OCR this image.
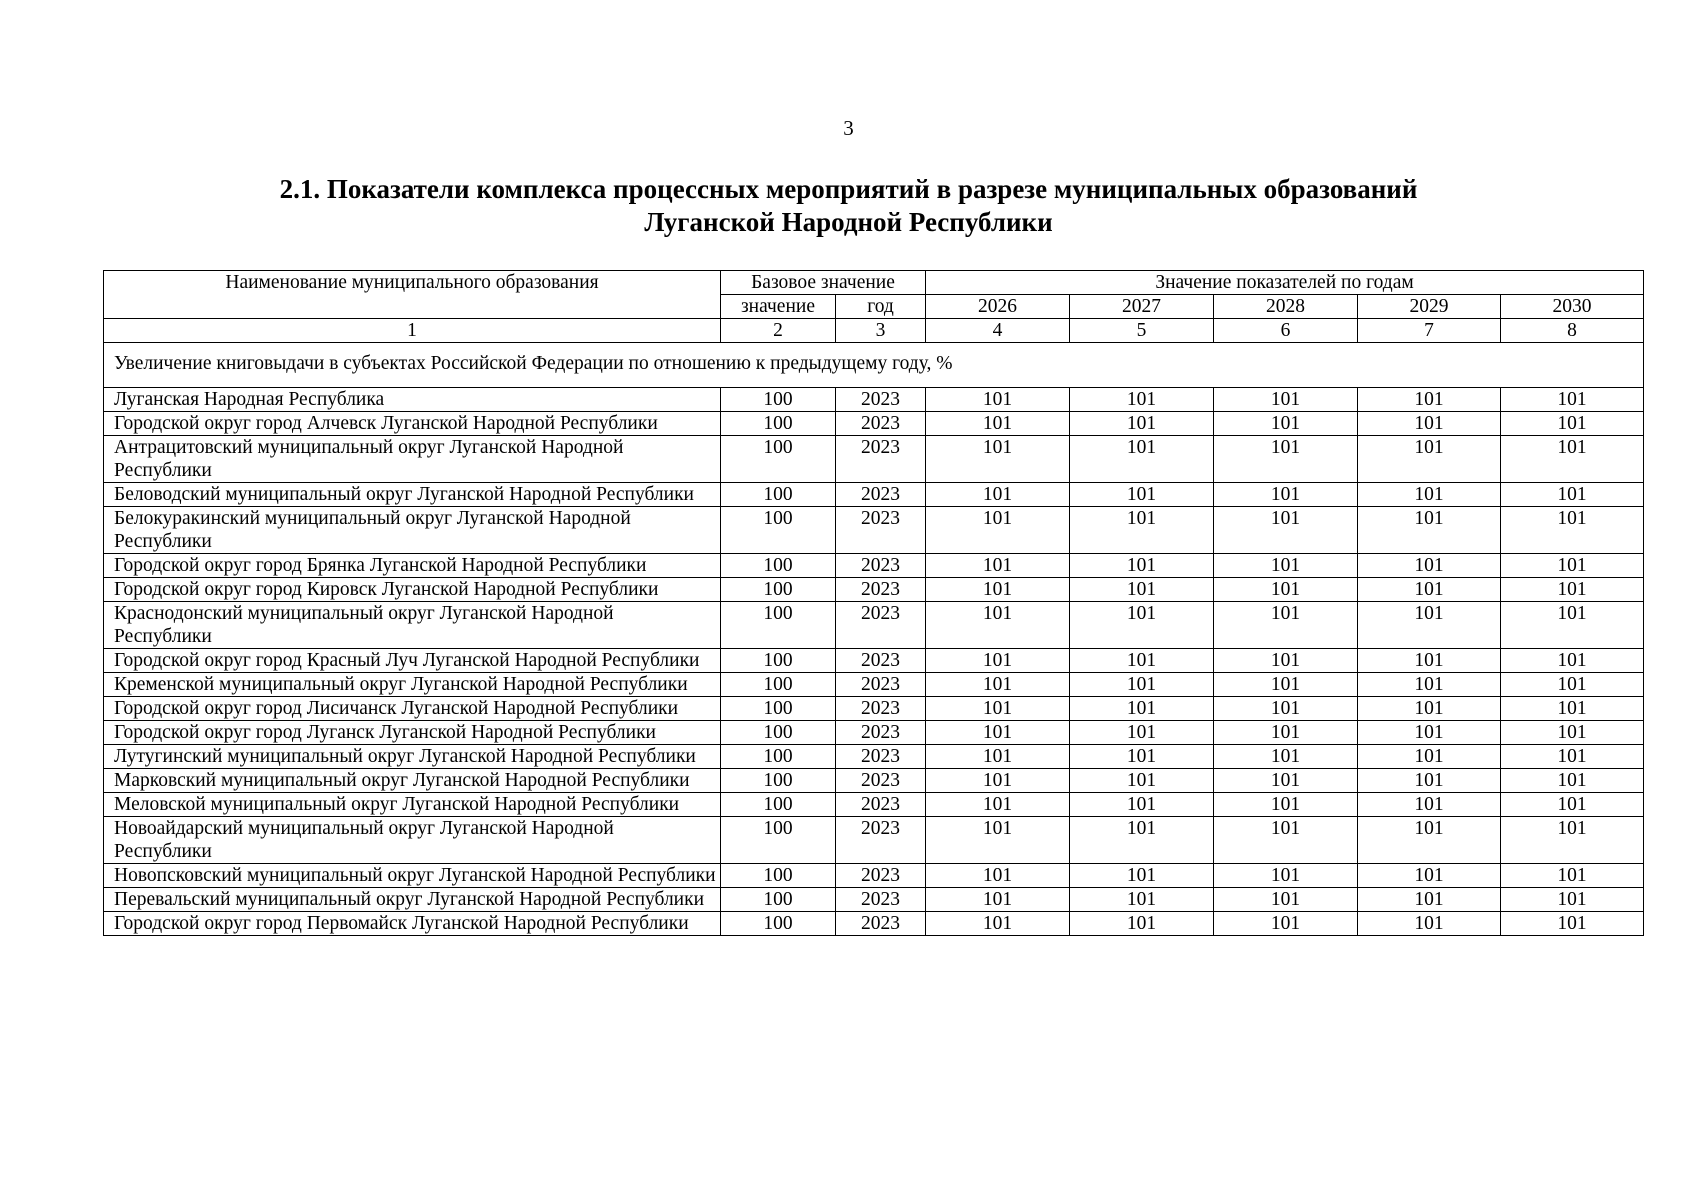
3
2.1. Показатели комплекса процессных мероприятий в разрезе муниципальных образований
Луганской Народной Республики
Наименование муниципального образования	Базовое значение		Значение показателей по годам				
	значение	год	2026	2027	2028	2029	2030
1	2	3	4	5	6	7	8
Увеличение книговыдачи в субъектах Российской Федерации по отношению к предыдущему году, %							
Луганская Народная Республика	100	2023	101	101	101	101	101
Городской округ город Алчевск Луганской Народной Республики	100	2023	101	101	101	101	101
Антрацитовский муниципальный округ Луганской Народной Республики	100	2023	101	101	101	101	101
Беловодский муниципальный округ Луганской Народной Республики	100	2023	101	101	101	101	101
Белокуракинский муниципальный округ Луганской Народной Республики	100	2023	101	101	101	101	101
Городской округ город Брянка Луганской Народной Республики	100	2023	101	101	101	101	101
Городской округ город Кировск Луганской Народной Республики	100	2023	101	101	101	101	101
Краснодонский муниципальный округ Луганской Народной Республики	100	2023	101	101	101	101	101
Городской округ город Красный Луч Луганской Народной Республики	100	2023	101	101	101	101	101
Кременской муниципальный округ Луганской Народной Республики	100	2023	101	101	101	101	101
Городской округ город Лисичанск Луганской Народной Республики	100	2023	101	101	101	101	101
Городской округ город Луганск Луганской Народной Республики	100	2023	101	101	101	101	101
Лутугинский муниципальный округ Луганской Народной Республики	100	2023	101	101	101	101	101
Марковский муниципальный округ Луганской Народной Республики	100	2023	101	101	101	101	101
Меловской муниципальный округ Луганской Народной Республики	100	2023	101	101	101	101	101
Новоайдарский муниципальный округ Луганской Народной Республики	100	2023	101	101	101	101	101
Новопсковский муниципальный округ Луганской Народной Республики	100	2023	101	101	101	101	101
Перевальский муниципальный округ Луганской Народной Республики	100	2023	101	101	101	101	101
Городской округ город Первомайск Луганской Народной Республики	100	2023	101	101	101	101	101
